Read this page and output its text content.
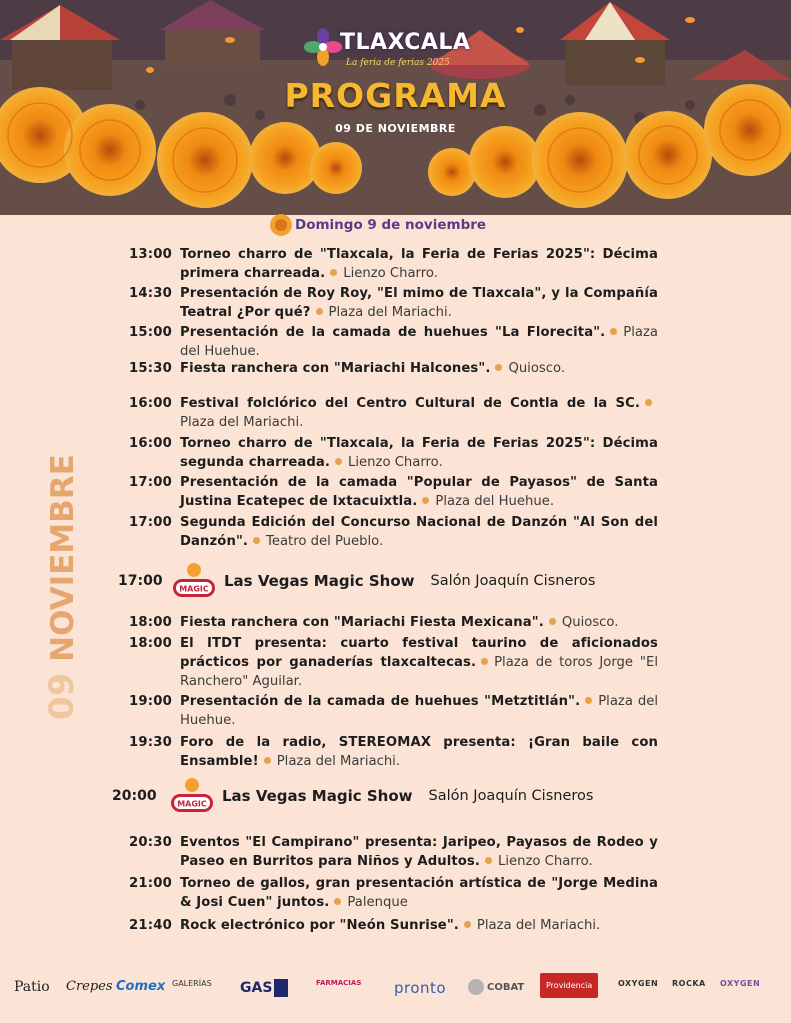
TLAXCALA
La feria de ferias 2025
PROGRAMA
09 DE NOVIEMBRE
09 NOVIEMBRE
Domingo 9 de noviembre
13:00 Torneo charro de "Tlaxcala, la Feria de Ferias 2025": Décima primera charreada. Lienzo Charro.
14:30 Presentación de Roy Roy, "El mimo de Tlaxcala", y la Compañía Teatral ¿Por qué? Plaza del Mariachi.
15:00 Presentación de la camada de huehues "La Florecita". Plaza del Huehue.
15:30 Fiesta ranchera con "Mariachi Halcones". Quiosco.
16:00 Festival folclórico del Centro Cultural de Contla de la SC.Plaza del Mariachi.
16:00 Torneo charro de "Tlaxcala, la Feria de Ferias 2025": Décima segunda charreada. Lienzo Charro.
17:00 Presentación de la camada "Popular de Payasos" de Santa Justina Ecatepec de Ixtacuixtla. Plaza del Huehue.
17:00 Segunda Edición del Concurso Nacional de Danzón "Al Son del Danzón". Teatro del Pueblo.
17:00	MAGIC Las Vegas Magic Show Salón Joaquín Cisneros
18:00 Fiesta ranchera con "Mariachi Fiesta Mexicana". Quiosco.
18:00 El ITDT presenta: cuarto festival taurino de aficionados prácticos por ganaderías tlaxcaltecas. Plaza de toros Jorge "El Ranchero" Aguilar.
19:00 Presentación de la camada de huehues "Metztitlán". Plaza del Huehue.
19:30 Foro de la radio, STEREOMAX presenta: ¡Gran baile con Ensamble! Plaza del Mariachi.
20:00	MAGIC Las Vegas Magic Show Salón Joaquín Cisneros
20:30 Eventos "El Campirano" presenta: Jaripeo, Payasos de Rodeo y Paseo en Burritos para Niños y Adultos. Lienzo Charro.
21:00 Torneo de gallos, gran presentación artística de "Jorge Medina & Josi Cuen" juntos. Palenque
21:40 Rock electrónico por "Neón Sunrise". Plaza del Mariachi.
Patio Crepes Comex GALERÍAS GAS	FARMACIAS pronto	COBAT	Providencia	OXYGEN ROCKA OXYGEN
